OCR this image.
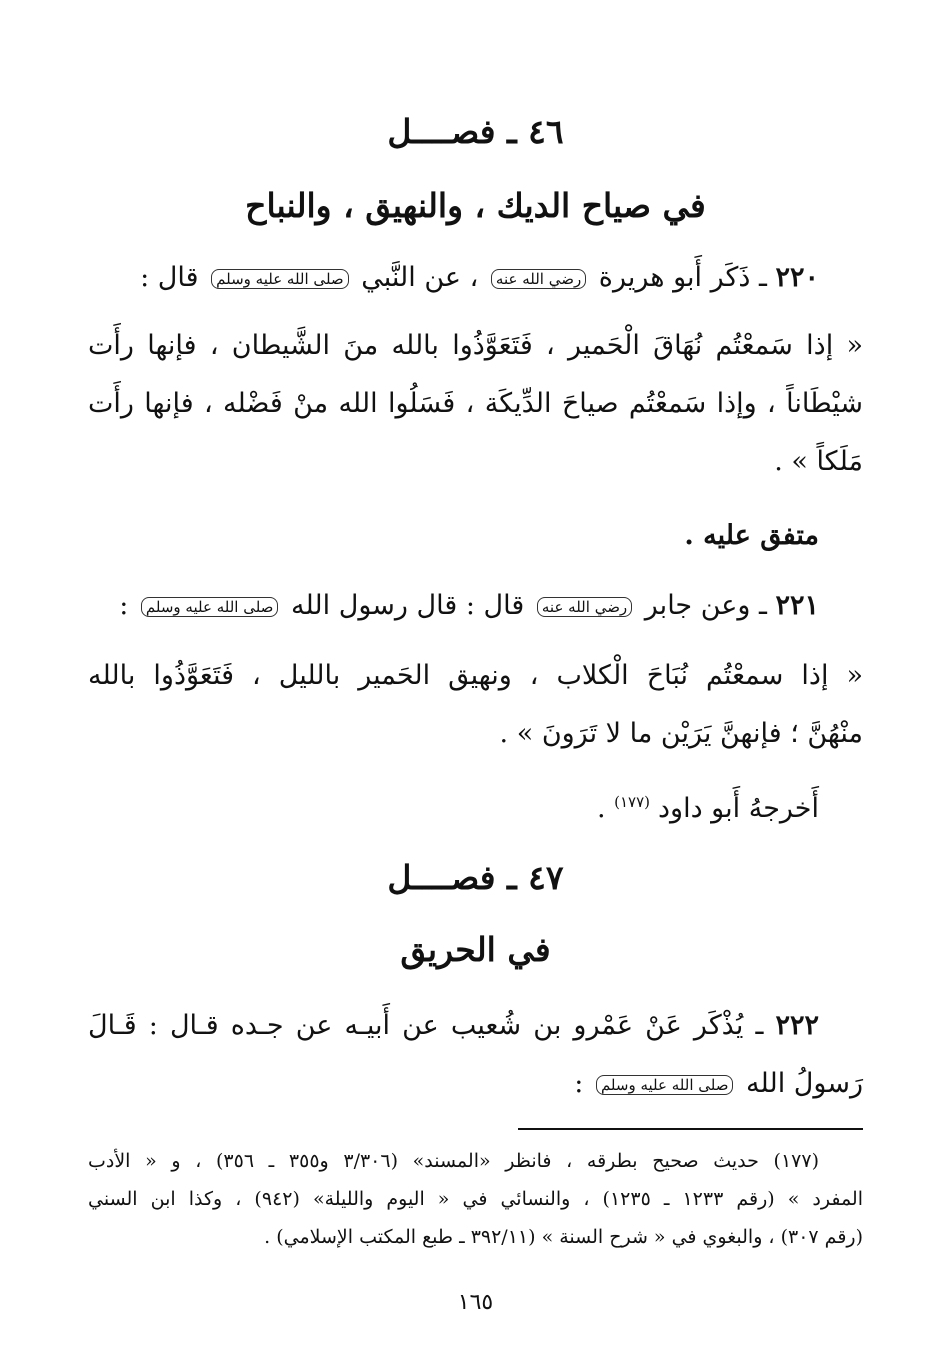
٤٦ ـ فصــــل
في صياح الديك ، والنهيق ، والنباح
٢٢٠ ـ ذَكَر أَبو هريرة رضي الله عنه ، عن النَّبي صلى الله عليه وسلم قال :
« إذا سَمعْتُم نُهَاقَ الْحَمير ، فَتَعَوَّذُوا بالله منَ الشَّيطان ، فإنها رأَت
شيْطَاناً ، وإذا سَمعْتُم صياحَ الدِّيكَة ، فَسَلُوا الله منْ فَضْله ، فإنها رأَت
مَلَكاً » .
متفق عليه .
٢٢١ ـ وعن جابر رضي الله عنه قال : قال رسول الله صلى الله عليه وسلم :
« إذا سمعْتُم نُبَاحَ الْكلاب ، ونهيق الحَمير بالليل ، فَتَعَوَّذُوا بالله
منْهُنَّ ؛ فإنهنَّ يَرَيْن ما لا تَرَونَ » .
أَخرجهُ أَبو داود$^{(١٧٧)}$ .
٤٧ ـ فصــــل
في الحريق
٢٢٢ ـ يُذْكَر عَنْ عَمْرو بن شُعيب عن أَبيـه عن جـده قـال : قَـالَ
رَسولُ الله صلى الله عليه وسلم :
(١٧٧) حديث صحيح بطرقه ، فانظر «المسند» (٣/٣٠٦ و٣٥٥ ـ ٣٥٦) ، و « الأدب
المفرد » (رقم ١٢٣٣ ـ ١٢٣٥) ، والنسائي في « اليوم والليلة» (٩٤٢) ، وكذا ابن السني
(رقم ٣٠٧) ، والبغوي في « شرح السنة » (٣٩٢/١١ ـ طبع المكتب الإسلامي) .
١٦٥
